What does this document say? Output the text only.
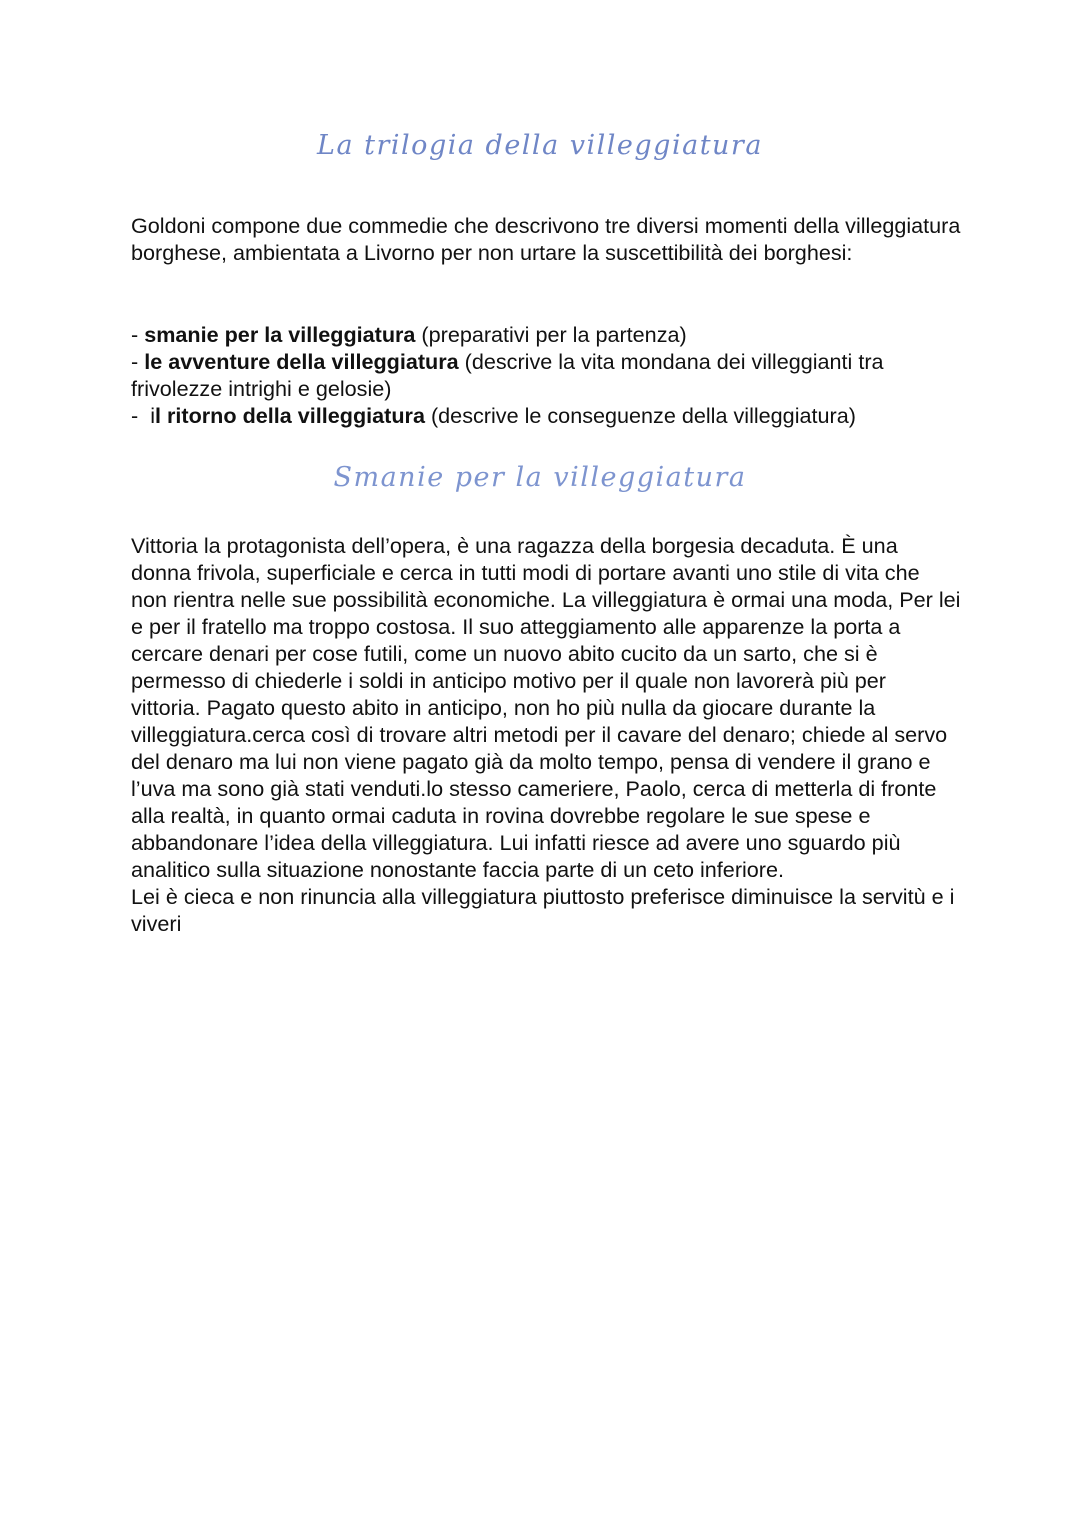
La trilogia della villeggiatura

Goldoni compone due commedie che descrivono tre diversi momenti della villeggiatura borghese, ambientata a Livorno per non urtare la suscettibilità dei borghesi:

- smanie per la villeggiatura (preparativi per la partenza)
- le avventure della villeggiatura (descrive la vita mondana dei villeggianti tra frivolezze intrighi e gelosie)
-  il ritorno della villeggiatura (descrive le conseguenze della villeggiatura)
Smanie per la villeggiatura
Vittoria la protagonista dell’opera, è una ragazza della borgesia decaduta. È una donna frivola, superficiale e cerca in tutti modi di portare avanti uno stile di vita che non rientra nelle sue possibilità economiche. La villeggiatura è ormai una moda, Per lei e per il fratello ma troppo costosa. Il suo atteggiamento alle apparenze la porta a cercare denari per cose futili, come un nuovo abito cucito da un sarto, che si è permesso di chiederle i soldi in anticipo motivo per il quale non lavorerà più per vittoria. Pagato questo abito in anticipo, non ho più nulla da giocare durante la villeggiatura.cerca così di trovare altri metodi per il cavare del denaro; chiede al servo del denaro ma lui non viene pagato già da molto tempo, pensa di vendere il grano e l’uva ma sono già stati venduti.lo stesso cameriere, Paolo, cerca di metterla di fronte alla realtà, in quanto ormai caduta in rovina dovrebbe regolare le sue spese e abbandonare l’idea della villeggiatura. Lui infatti riesce ad avere uno sguardo più analitico sulla situazione nonostante faccia parte di un ceto inferiore.
Lei è cieca e non rinuncia alla villeggiatura piuttosto preferisce diminuisce la servitù e i viveri
